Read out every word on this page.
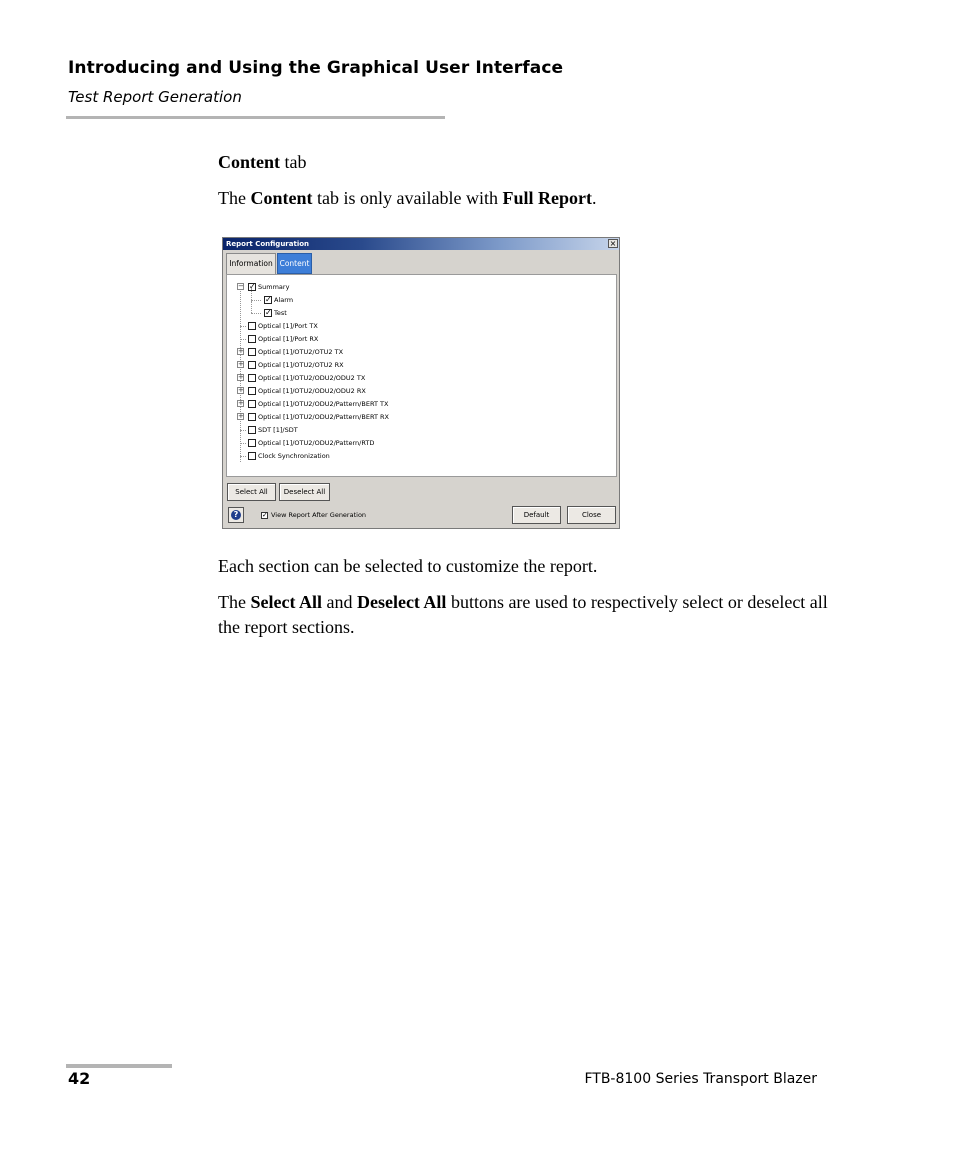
Introducing and Using the Graphical User Interface
Test Report Generation
Content tab
The Content tab is only available with Full Report.
Report Configuration	×
Information Content
− ✓ Summary
✓ Alarm
✓ Test
Optical [1]/Port TX
Optical [1]/Port RX
+ Optical [1]/OTU2/OTU2 TX
+ Optical [1]/OTU2/OTU2 RX
+ Optical [1]/OTU2/ODU2/ODU2 TX
+ Optical [1]/OTU2/ODU2/ODU2 RX
+ Optical [1]/OTU2/ODU2/Pattern/BERT TX
+ Optical [1]/OTU2/ODU2/Pattern/BERT RX
SDT [1]/SDT
Optical [1]/OTU2/ODU2/Pattern/RTD
Clock Synchronization
Select All	Deselect All
?	✓ View Report After Generation	Default	Close
Each section can be selected to customize the report.
The Select All and Deselect All buttons are used to respectively select or deselect all the report sections.
42	FTB-8100 Series Transport Blazer
